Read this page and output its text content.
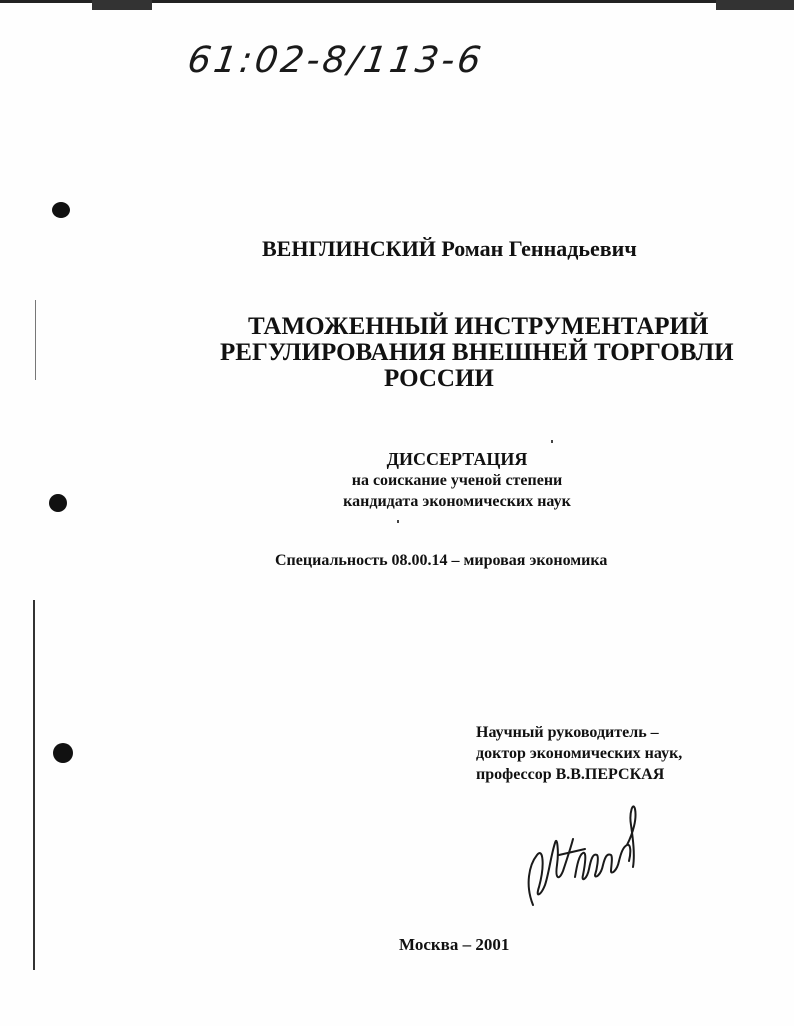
61:02-8/113-6
ВЕНГЛИНСКИЙ Роман Геннадьевич
ТАМОЖЕННЫЙ ИНСТРУМЕНТАРИЙ
РЕГУЛИРОВАНИЯ ВНЕШНЕЙ ТОРГОВЛИ
РОССИИ
ДИССЕРТАЦИЯ
на соискание ученой степени
кандидата экономических наук
Специальность 08.00.14 – мировая экономика
Научный руководитель –
доктор экономических наук,
профессор В.В.ПЕРСКАЯ
Москва – 2001
